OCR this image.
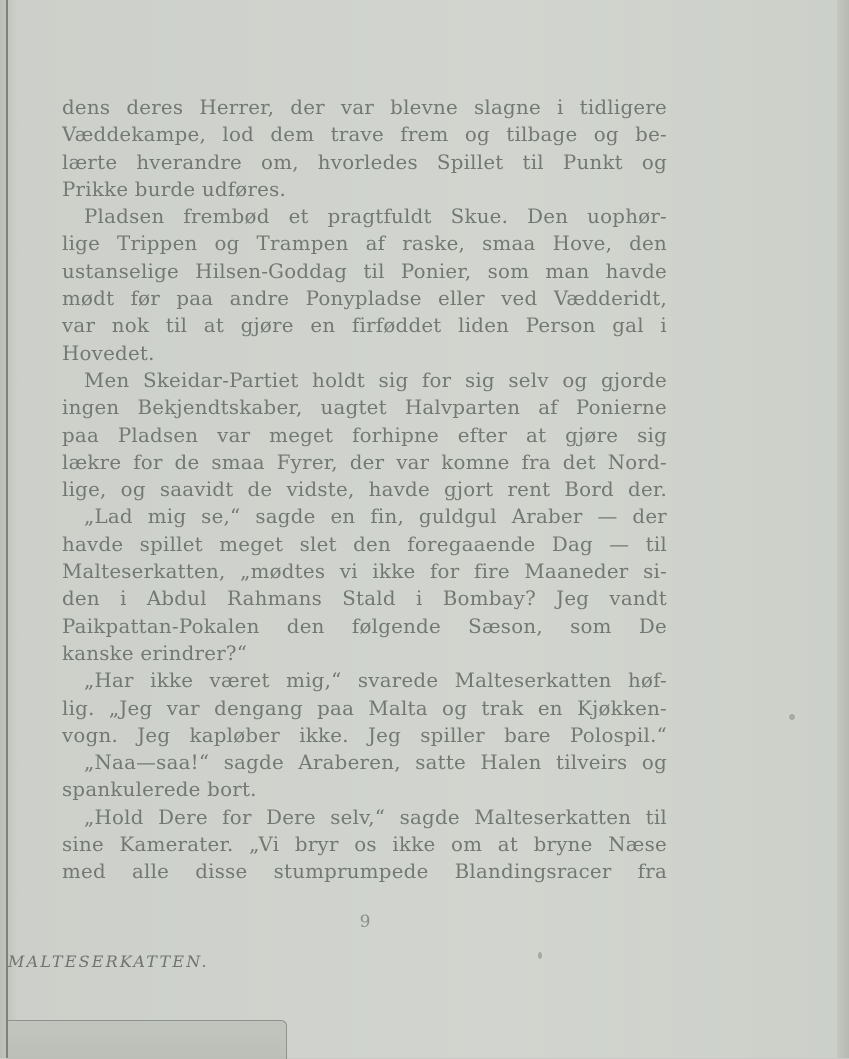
dens deres Herrer, der var blevne slagne i tidligere
Væddekampe, lod dem trave frem og tilbage og be-
lærte hverandre om, hvorledes Spillet til Punkt og
Prikke burde udføres.
Pladsen frembød et pragtfuldt Skue. Den uophør-
lige Trippen og Trampen af raske, smaa Hove, den
ustanselige Hilsen-Goddag til Ponier, som man havde
mødt før paa andre Ponypladse eller ved Vædderidt,
var nok til at gjøre en firføddet liden Person gal i
Hovedet.
Men Skeidar-Partiet holdt sig for sig selv og gjorde
ingen Bekjendtskaber, uagtet Halvparten af Ponierne
paa Pladsen var meget forhipne efter at gjøre sig
lækre for de smaa Fyrer, der var komne fra det Nord-
lige, og saavidt de vidste, havde gjort rent Bord der.
„Lad mig se,“ sagde en fin, guldgul Araber — der
havde spillet meget slet den foregaaende Dag — til
Malteserkatten, „mødtes vi ikke for fire Maaneder si-
den i Abdul Rahmans Stald i Bombay? Jeg vandt
Paikpattan-Pokalen den følgende Sæson, som De
kanske erindrer?“
„Har ikke været mig,“ svarede Malteserkatten høf-
lig. „Jeg var dengang paa Malta og trak en Kjøkken-
vogn. Jeg kapløber ikke. Jeg spiller bare Polospil.“
„Naa—saa!“ sagde Araberen, satte Halen tilveirs og
spankulerede bort.
„Hold Dere for Dere selv,“ sagde Malteserkatten til
sine Kamerater. „Vi bryr os ikke om at bryne Næse
med alle disse stumprumpede Blandingsracer fra
9
MALTESERKATTEN.
